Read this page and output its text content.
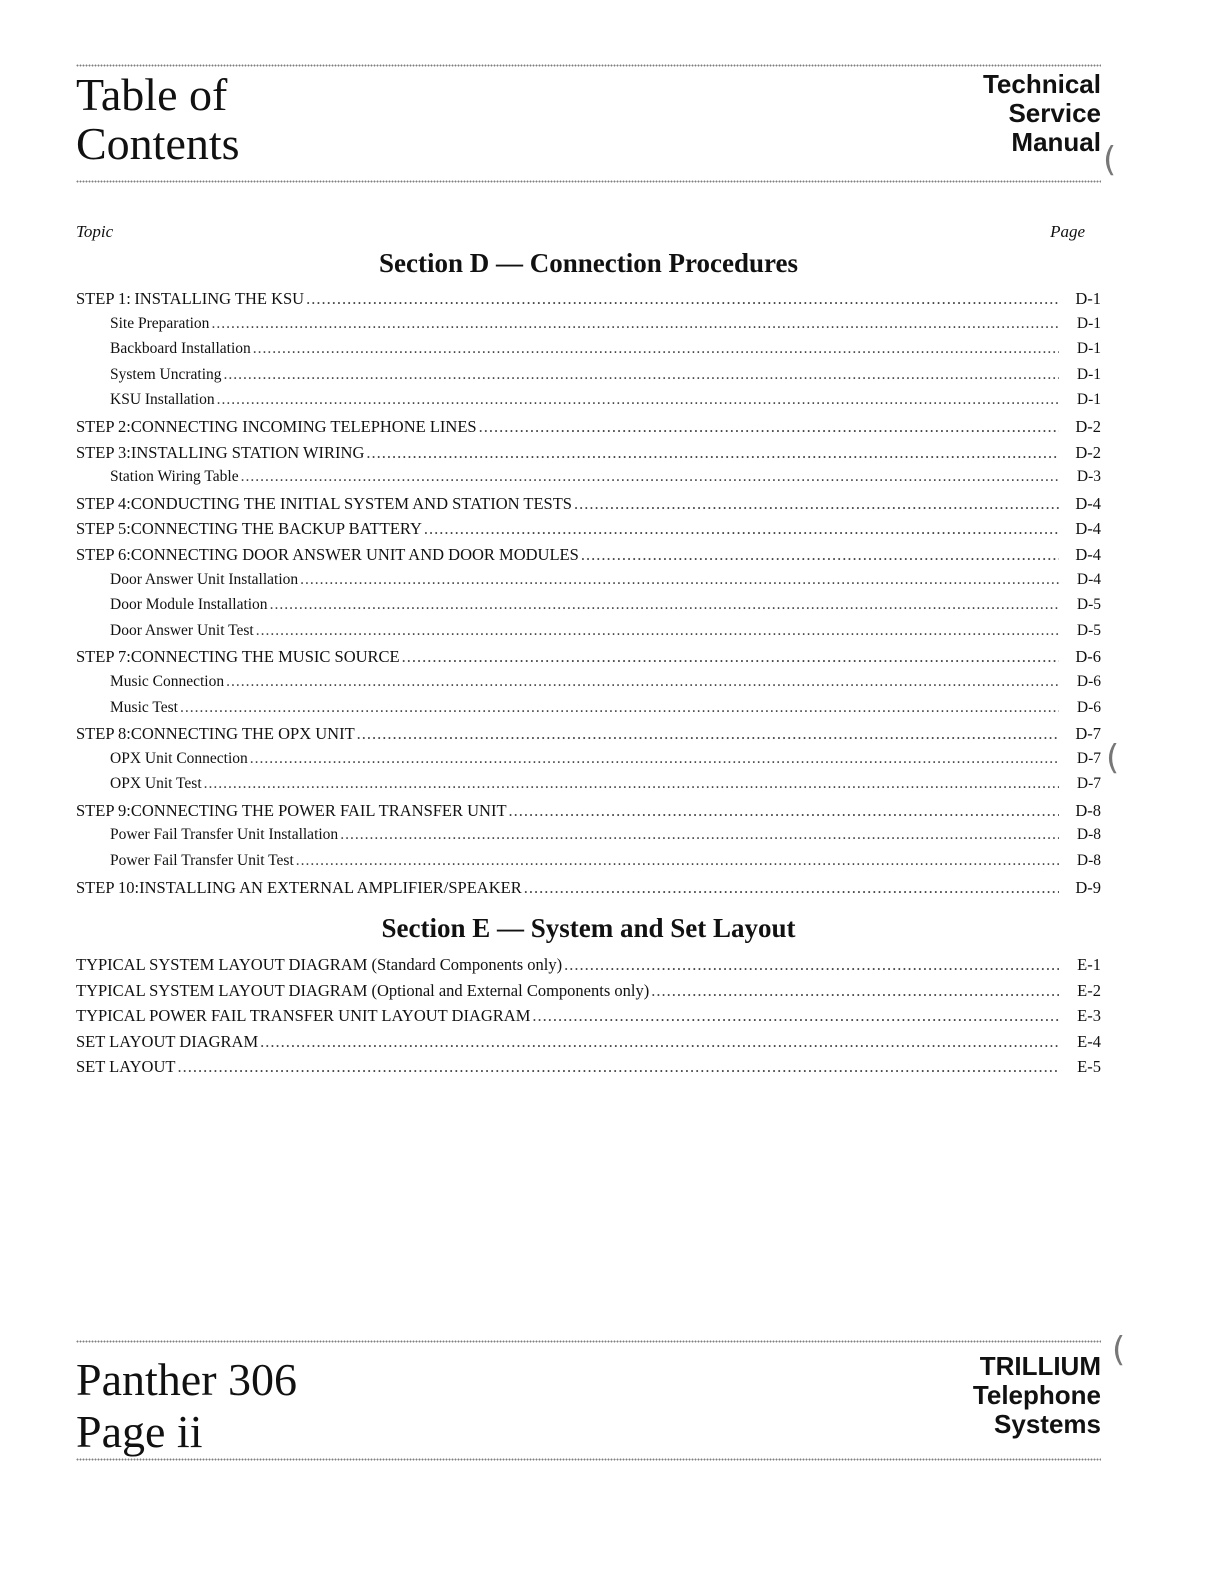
Table of
Contents
Technical
Service
Manual
Topic	Page
Section D — Connection Procedures
STEP 1: INSTALLING THE KSU .....	D-1
Site Preparation .....	D-1
Backboard Installation .....	D-1
System Uncrating .....	D-1
KSU Installation .....	D-1
STEP 2: CONNECTING INCOMING TELEPHONE LINES .....	D-2
STEP 3: INSTALLING STATION WIRING .....	D-2
Station Wiring Table .....	D-3
STEP 4: CONDUCTING THE INITIAL SYSTEM AND STATION TESTS .....	D-4
STEP 5: CONNECTING THE BACKUP BATTERY .....	D-4
STEP 6: CONNECTING DOOR ANSWER UNIT AND DOOR MODULES .....	D-4
Door Answer Unit Installation .....	D-4
Door Module Installation .....	D-5
Door Answer Unit Test .....	D-5
STEP 7: CONNECTING THE MUSIC SOURCE .....	D-6
Music Connection .....	D-6
Music Test .....	D-6
STEP 8: CONNECTING THE OPX UNIT .....	D-7
OPX Unit Connection .....	D-7
OPX Unit Test .....	D-7
STEP 9: CONNECTING THE POWER FAIL TRANSFER UNIT .....	D-8
Power Fail Transfer Unit Installation .....	D-8
Power Fail Transfer Unit Test .....	D-8
STEP 10: INSTALLING AN EXTERNAL AMPLIFIER/SPEAKER .....	D-9
Section E — System and Set Layout
TYPICAL SYSTEM LAYOUT DIAGRAM (Standard Components only) .....	E-1
TYPICAL SYSTEM LAYOUT DIAGRAM (Optional and External Components only) .....	E-2
TYPICAL POWER FAIL TRANSFER UNIT LAYOUT DIAGRAM .....	E-3
SET LAYOUT DIAGRAM .....	E-4
SET LAYOUT .....	E-5
(
(
(
Panther 306
Page ii
TRILLIUM
Telephone
Systems
